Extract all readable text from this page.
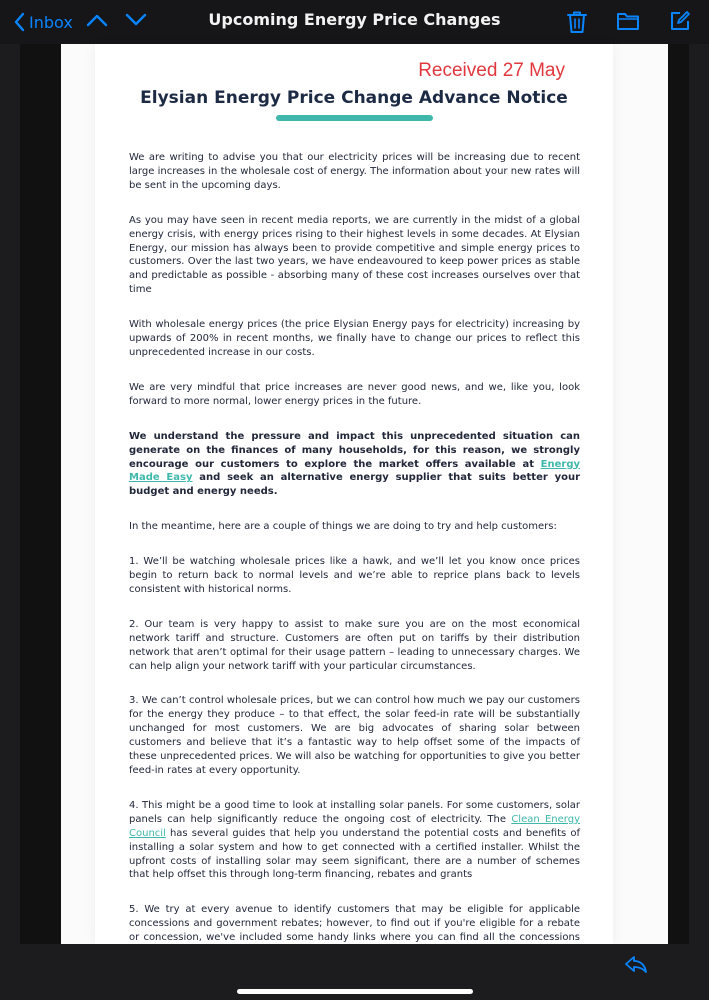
Inbox	Upcoming Energy Price Changes
Received 27 May
Elysian Energy Price Change Advance Notice

We are writing to advise you that our electricity prices will be increasing due to recent large increases in the wholesale cost of energy. The information about your new rates will be sent in the upcoming days.

As you may have seen in recent media reports, we are currently in the midst of a global energy crisis, with energy prices rising to their highest levels in some decades. At Elysian Energy, our mission has always been to provide competitive and simple energy prices to customers. Over the last two years, we have endeavoured to keep power prices as stable and predictable as possible - absorbing many of these cost increases ourselves over that time

With wholesale energy prices (the price Elysian Energy pays for electricity) increasing by upwards of 200% in recent months, we finally have to change our prices to reflect this unprecedented increase in our costs.

We are very mindful that price increases are never good news, and we, like you, look forward to more normal, lower energy prices in the future.

We understand the pressure and impact this unprecedented situation can generate on the finances of many households, for this reason, we strongly encourage our customers to explore the market offers available at Energy Made Easy and seek an alternative energy supplier that suits better your budget and energy needs.

In the meantime, here are a couple of things we are doing to try and help customers:

1. We’ll be watching wholesale prices like a hawk, and we’ll let you know once prices begin to return back to normal levels and we’re able to reprice plans back to levels consistent with historical norms.

2. Our team is very happy to assist to make sure you are on the most economical network tariff and structure. Customers are often put on tariffs by their distribution network that aren’t optimal for their usage pattern – leading to unnecessary charges. We can help align your network tariff with your particular circumstances.

3. We can’t control wholesale prices, but we can control how much we pay our customers for the energy they produce – to that effect, the solar feed-in rate will be substantially unchanged for most customers. We are big advocates of sharing solar between customers and believe that it’s a fantastic way to help offset some of the impacts of these unprecedented prices. We will also be watching for opportunities to give you better feed-in rates at every opportunity.

4. This might be a good time to look at installing solar panels. For some customers, solar panels can help significantly reduce the ongoing cost of electricity. The Clean Energy Council has several guides that help you understand the potential costs and benefits of installing a solar system and how to get connected with a certified installer. Whilst the upfront costs of installing solar may seem significant, there are a number of schemes that help offset this through long-term financing, rebates and grants

5. We try at every avenue to identify customers that may be eligible for applicable concessions and government rebates; however, to find out if you're eligible for a rebate or concession, we've included some handy links where you can find all the concessions
